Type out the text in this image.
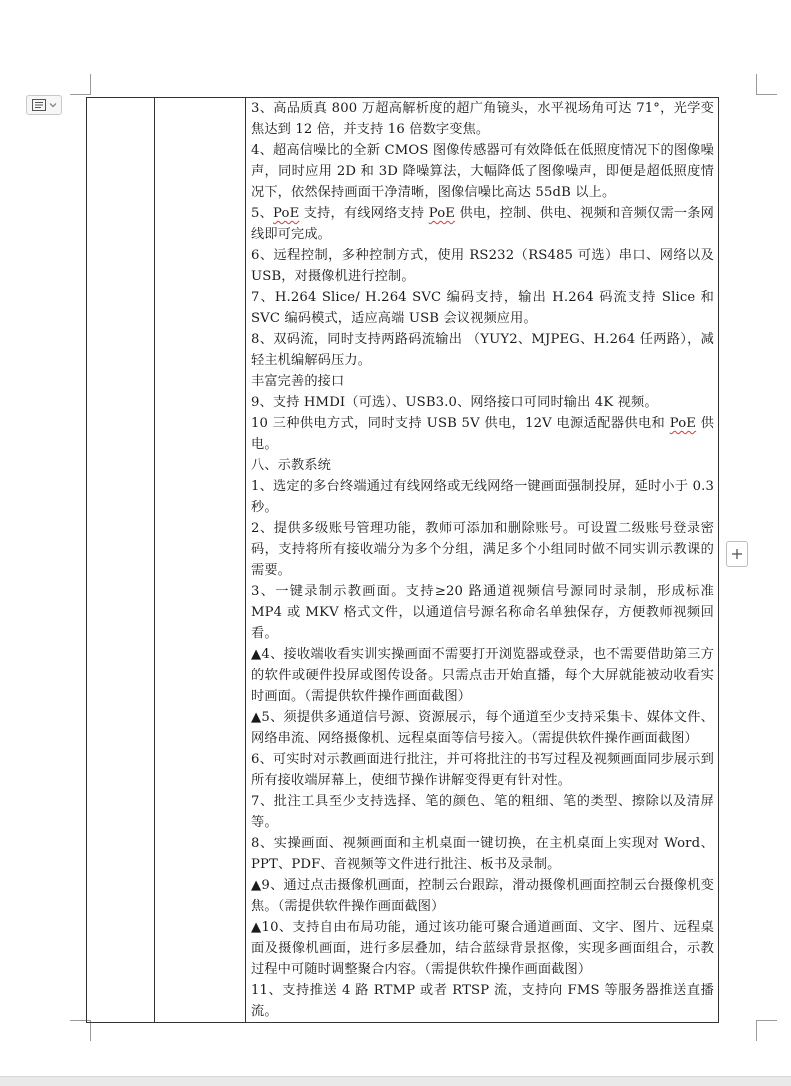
3、高品质真 800 万超高解析度的超广角镜头，水平视场角可达 71°，光学变焦达到 12 倍，并支持 16 倍数字变焦。

4、超高信噪比的全新 CMOS 图像传感器可有效降低在低照度情况下的图像噪声，同时应用 2D 和 3D 降噪算法，大幅降低了图像噪声，即便是超低照度情况下，依然保持画面干净清晰，图像信噪比高达 55dB 以上。

5、PoE 支持，有线网络支持 PoE 供电，控制、供电、视频和音频仅需一条网线即可完成。

6、远程控制，多种控制方式，使用 RS232（RS485 可选）串口、网络以及 USB，对摄像机进行控制。

7、H.264 Slice/ H.264 SVC 编码支持，输出 H.264 码流支持 Slice 和 SVC 编码模式，适应高端 USB 会议视频应用。

8、双码流，同时支持两路码流输出 （YUY2、MJPEG、H.264 任两路），减轻主机编解码压力。

丰富完善的接口

9、支持 HMDI（可选）、USB3.0、网络接口可同时输出 4K 视频。

10 三种供电方式，同时支持 USB 5V 供电，12V 电源适配器供电和 PoE 供电。

八、示教系统

1、选定的多台终端通过有线网络或无线网络一键画面强制投屏，延时小于 0.3 秒。

2、提供多级账号管理功能，教师可添加和删除账号。可设置二级账号登录密码，支持将所有接收端分为多个分组，满足多个小组同时做不同实训示教课的需要。

3、一键录制示教画面。支持≥20 路通道视频信号源同时录制，形成标准 MP4 或 MKV 格式文件，以通道信号源名称命名单独保存，方便教师视频回看。

▲4、接收端收看实训实操画面不需要打开浏览器或登录，也不需要借助第三方的软件或硬件投屏或图传设备。只需点击开始直播，每个大屏就能被动收看实时画面。（需提供软件操作画面截图）

▲5、须提供多通道信号源、资源展示，每个通道至少支持采集卡、媒体文件、网络串流、网络摄像机、远程桌面等信号接入。（需提供软件操作画面截图）

6、可实时对示教画面进行批注，并可将批注的书写过程及视频画面同步展示到所有接收端屏幕上，使细节操作讲解变得更有针对性。

7、批注工具至少支持选择、笔的颜色、笔的粗细、笔的类型、擦除以及清屏等。

8、实操画面、视频画面和主机桌面一键切换，在主机桌面上实现对 Word、PPT、PDF、音视频等文件进行批注、板书及录制。

▲9、通过点击摄像机画面，控制云台跟踪，滑动摄像机画面控制云台摄像机变焦。（需提供软件操作画面截图）

▲10、支持自由布局功能，通过该功能可聚合通道画面、文字、图片、远程桌面及摄像机画面，进行多层叠加，结合蓝绿背景抠像，实现多画面组合，示教过程中可随时调整聚合内容。（需提供软件操作画面截图）

11、支持推送 4 路 RTMP 或者 RTSP 流，支持向 FMS 等服务器推送直播流。
